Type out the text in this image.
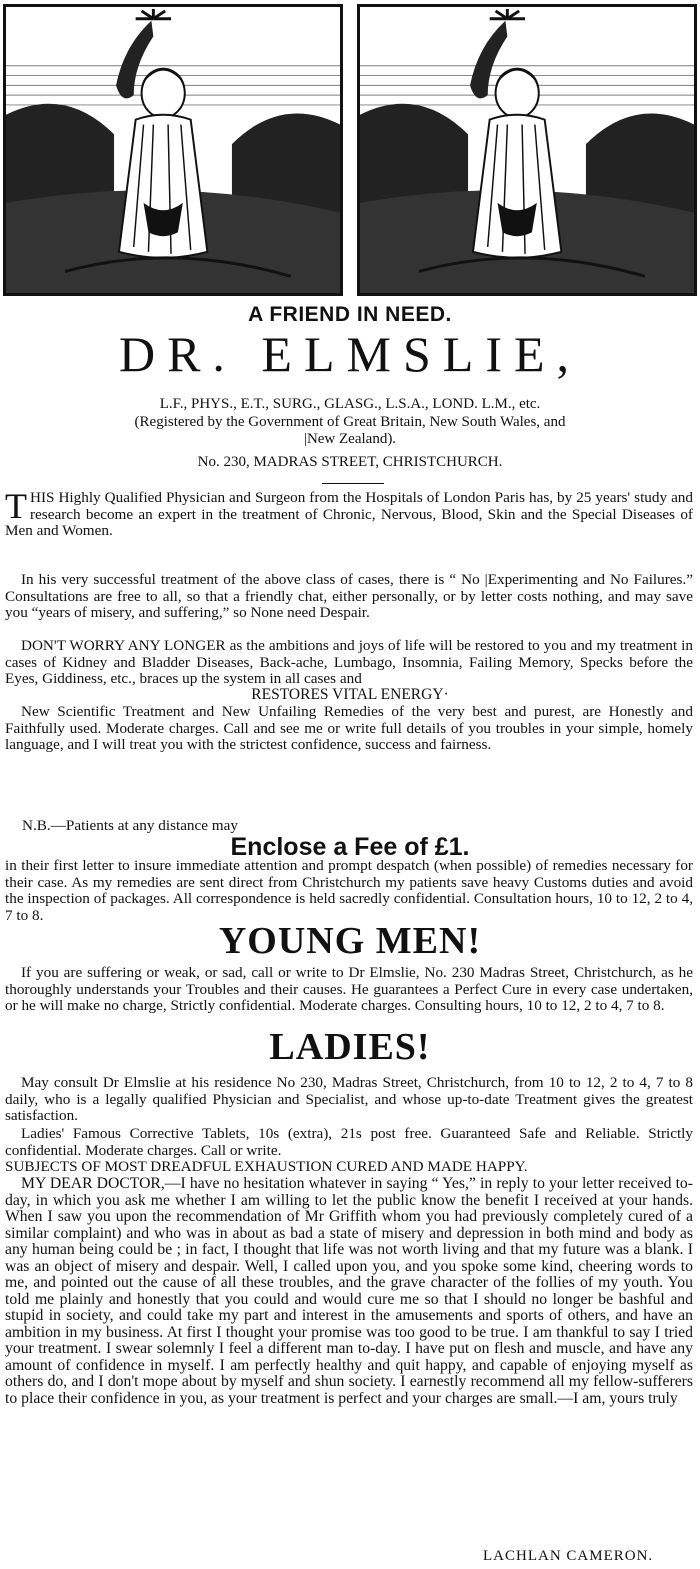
A FRIEND IN NEED.
DR. ELMSLIE,
L.F., PHYS., E.T., SURG., GLASG., L.S.A., LOND. L.M., etc.
(Registered by the Government of Great Britain, New South Wales, and |New Zealand).
No. 230, MADRAS STREET, CHRISTCHURCH.
THIS Highly Qualified Physician and Surgeon from the Hospitals of London Paris has, by 25 years' study and research become an expert in the treatment of Chronic, Nervous, Blood, Skin and the Special Diseases of Men and Women.
In his very successful treatment of the above class of cases, there is “ No |Experimenting and No Failures.” Consultations are free to all, so that a friendly chat, either personally, or by letter costs nothing, and may save you “years of misery, and suffering,” so None need Despair.
DON'T WORRY ANY LONGER as the ambitions and joys of life will be restored to you and my treatment in cases of Kidney and Bladder Diseases, Back-ache, Lumbago, Insomnia, Failing Memory, Specks before the Eyes, Giddiness, etc., braces up the system in all cases and
RESTORES VITAL ENERGY·
New Scientific Treatment and New Unfailing Remedies of the very best and purest, are Honestly and Faithfully used. Moderate charges. Call and see me or write full details of you troubles in your simple, homely language, and I will treat you with the strictest confidence, success and fairness.
N.B.—Patients at any distance may
Enclose a Fee of £1.
in their first letter to insure immediate attention and prompt despatch (when possible) of remedies necessary for their case. As my remedies are sent direct from Christchurch my patients save heavy Customs duties and avoid the inspection of packages. All correspondence is held sacredly confidential. Consultation hours, 10 to 12, 2 to 4, 7 to 8.
YOUNG MEN!
If you are suffering or weak, or sad, call or write to Dr Elmslie, No. 230 Madras Street, Christchurch, as he thoroughly understands your Troubles and their causes. He guarantees a Perfect Cure in every case undertaken, or he will make no charge, Strictly confidential. Moderate charges. Consulting hours, 10 to 12, 2 to 4, 7 to 8.
LADIES!
May consult Dr Elmslie at his residence No 230, Madras Street, Christchurch, from 10 to 12, 2 to 4, 7 to 8 daily, who is a legally qualified Physician and Specialist, and whose up-to-date Treatment gives the greatest satisfaction.
Ladies' Famous Corrective Tablets, 10s (extra), 21s post free. Guaranteed Safe and Reliable. Strictly confidential. Moderate charges. Call or write.
SUBJECTS OF MOST DREADFUL EXHAUSTION CURED AND MADE HAPPY.
MY DEAR DOCTOR,—I have no hesitation whatever in saying “ Yes,” in reply to your letter received to-day, in which you ask me whether I am willing to let the public know the benefit I received at your hands. When I saw you upon the recommendation of Mr Griffith whom you had previously completely cured of a similar complaint) and who was in about as bad a state of misery and depression in both mind and body as any human being could be ; in fact, I thought that life was not worth living and that my future was a blank. I was an object of misery and despair. Well, I called upon you, and you spoke some kind, cheering words to me, and pointed out the cause of all these troubles, and the grave character of the follies of my youth. You told me plainly and honestly that you could and would cure me so that I should no longer be bashful and stupid in society, and could take my part and interest in the amusements and sports of others, and have an ambition in my business. At first I thought your promise was too good to be true. I am thankful to say I tried your treatment. I swear solemnly I feel a different man to-day. I have put on flesh and muscle, and have any amount of confidence in myself. I am perfectly healthy and quit happy, and capable of enjoying myself as others do, and I don't mope about by myself and shun society. I earnestly recommend all my fellow-sufferers to place their confidence in you, as your treatment is perfect and your charges are small.—I am, yours truly
LACHLAN CAMERON.
